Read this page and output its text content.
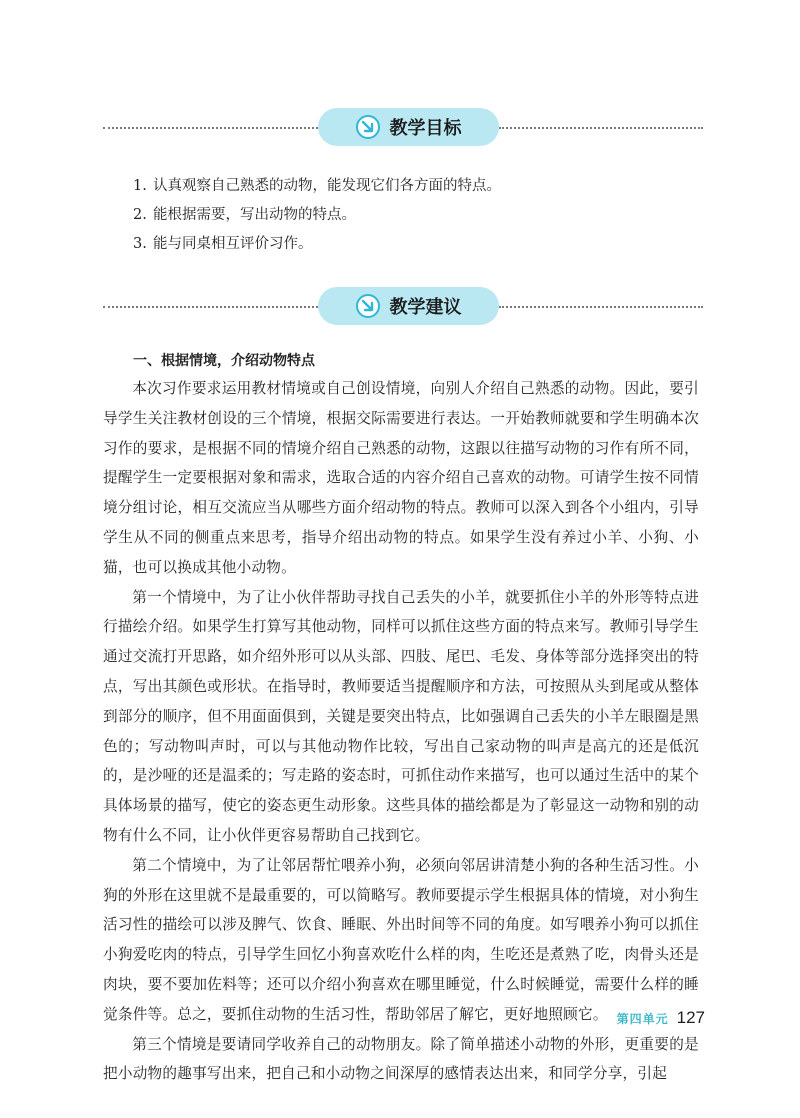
教学目标
1. 认真观察自己熟悉的动物，能发现它们各方面的特点。
2. 能根据需要，写出动物的特点。
3. 能与同桌相互评价习作。
教学建议
一、根据情境，介绍动物特点

本次习作要求运用教材情境或自己创设情境，向别人介绍自己熟悉的动物。因此，要引导学生关注教材创设的三个情境，根据交际需要进行表达。一开始教师就要和学生明确本次习作的要求，是根据不同的情境介绍自己熟悉的动物，这跟以往描写动物的习作有所不同，提醒学生一定要根据对象和需求，选取合适的内容介绍自己喜欢的动物。可请学生按不同情境分组讨论，相互交流应当从哪些方面介绍动物的特点。教师可以深入到各个小组内，引导学生从不同的侧重点来思考，指导介绍出动物的特点。如果学生没有养过小羊、小狗、小猫，也可以换成其他小动物。

第一个情境中，为了让小伙伴帮助寻找自己丢失的小羊，就要抓住小羊的外形等特点进行描绘介绍。如果学生打算写其他动物，同样可以抓住这些方面的特点来写。教师引导学生通过交流打开思路，如介绍外形可以从头部、四肢、尾巴、毛发、身体等部分选择突出的特点，写出其颜色或形状。在指导时，教师要适当提醒顺序和方法，可按照从头到尾或从整体到部分的顺序，但不用面面俱到，关键是要突出特点，比如强调自己丢失的小羊左眼圈是黑色的；写动物叫声时，可以与其他动物作比较，写出自己家动物的叫声是高亢的还是低沉的，是沙哑的还是温柔的；写走路的姿态时，可抓住动作来描写，也可以通过生活中的某个具体场景的描写，使它的姿态更生动形象。这些具体的描绘都是为了彰显这一动物和别的动物有什么不同，让小伙伴更容易帮助自己找到它。

第二个情境中，为了让邻居帮忙喂养小狗，必须向邻居讲清楚小狗的各种生活习性。小狗的外形在这里就不是最重要的，可以简略写。教师要提示学生根据具体的情境，对小狗生活习性的描绘可以涉及脾气、饮食、睡眠、外出时间等不同的角度。如写喂养小狗可以抓住小狗爱吃肉的特点，引导学生回忆小狗喜欢吃什么样的肉，生吃还是煮熟了吃，肉骨头还是肉块，要不要加佐料等；还可以介绍小狗喜欢在哪里睡觉，什么时候睡觉，需要什么样的睡觉条件等。总之，要抓住动物的生活习性，帮助邻居了解它，更好地照顾它。

第三个情境是要请同学收养自己的动物朋友。除了简单描述小动物的外形，更重要的是把小动物的趣事写出来，把自己和小动物之间深厚的感情表达出来，和同学分享，引起

第四单元 127
